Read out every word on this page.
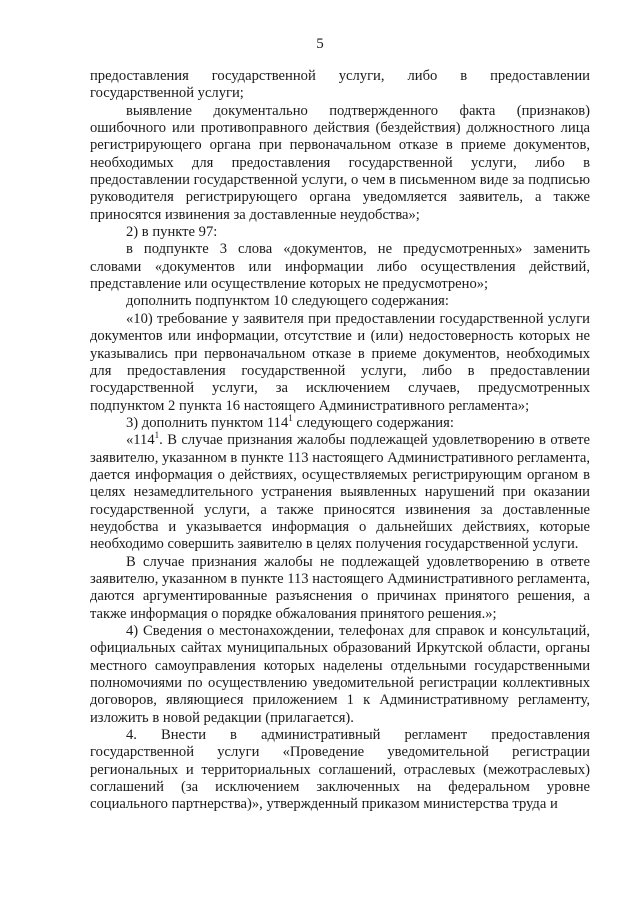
5

предоставления государственной услуги, либо в предоставлении государственной услуги;

выявление документально подтвержденного факта (признаков) ошибочного или противоправного действия (бездействия) должностного лица регистрирующего органа при первоначальном отказе в приеме документов, необходимых для предоставления государственной услуги, либо в предоставлении государственной услуги, о чем в письменном виде за подписью руководителя регистрирующего органа уведомляется заявитель, а также приносятся извинения за доставленные неудобства»;

2) в пункте 97:

в подпункте 3 слова «документов, не предусмотренных» заменить словами «документов или информации либо осуществления действий, представление или осуществление которых не предусмотрено»;

дополнить подпунктом 10 следующего содержания:

«10) требование у заявителя при предоставлении государственной услуги документов или информации, отсутствие и (или) недостоверность которых не указывались при первоначальном отказе в приеме документов, необходимых для предоставления государственной услуги, либо в предоставлении государственной услуги, за исключением случаев, предусмотренных подпунктом 2 пункта 16 настоящего Административного регламента»;

3) дополнить пунктом $114^1$ следующего содержания:

«$114^1$. В случае признания жалобы подлежащей удовлетворению в ответе заявителю, указанном в пункте 113 настоящего Административного регламента, дается информация о действиях, осуществляемых регистрирующим органом в целях незамедлительного устранения выявленных нарушений при оказании государственной услуги, а также приносятся извинения за доставленные неудобства и указывается информация о дальнейших действиях, которые необходимо совершить заявителю в целях получения государственной услуги.

В случае признания жалобы не подлежащей удовлетворению в ответе заявителю, указанном в пункте 113 настоящего Административного регламента, даются аргументированные разъяснения о причинах принятого решения, а также информация о порядке обжалования принятого решения.»;

4) Сведения о местонахождении, телефонах для справок и консультаций, официальных сайтах муниципальных образований Иркутской области, органы местного самоуправления которых наделены отдельными государственными полномочиями по осуществлению уведомительной регистрации коллективных договоров, являющиеся приложением 1 к Административному регламенту, изложить в новой редакции (прилагается).

4. Внести в административный регламент предоставления государственной услуги «Проведение уведомительной регистрации региональных и территориальных соглашений, отраслевых (межотраслевых) соглашений (за исключением заключенных на федеральном уровне социального партнерства)», утвержденный приказом министерства труда и
